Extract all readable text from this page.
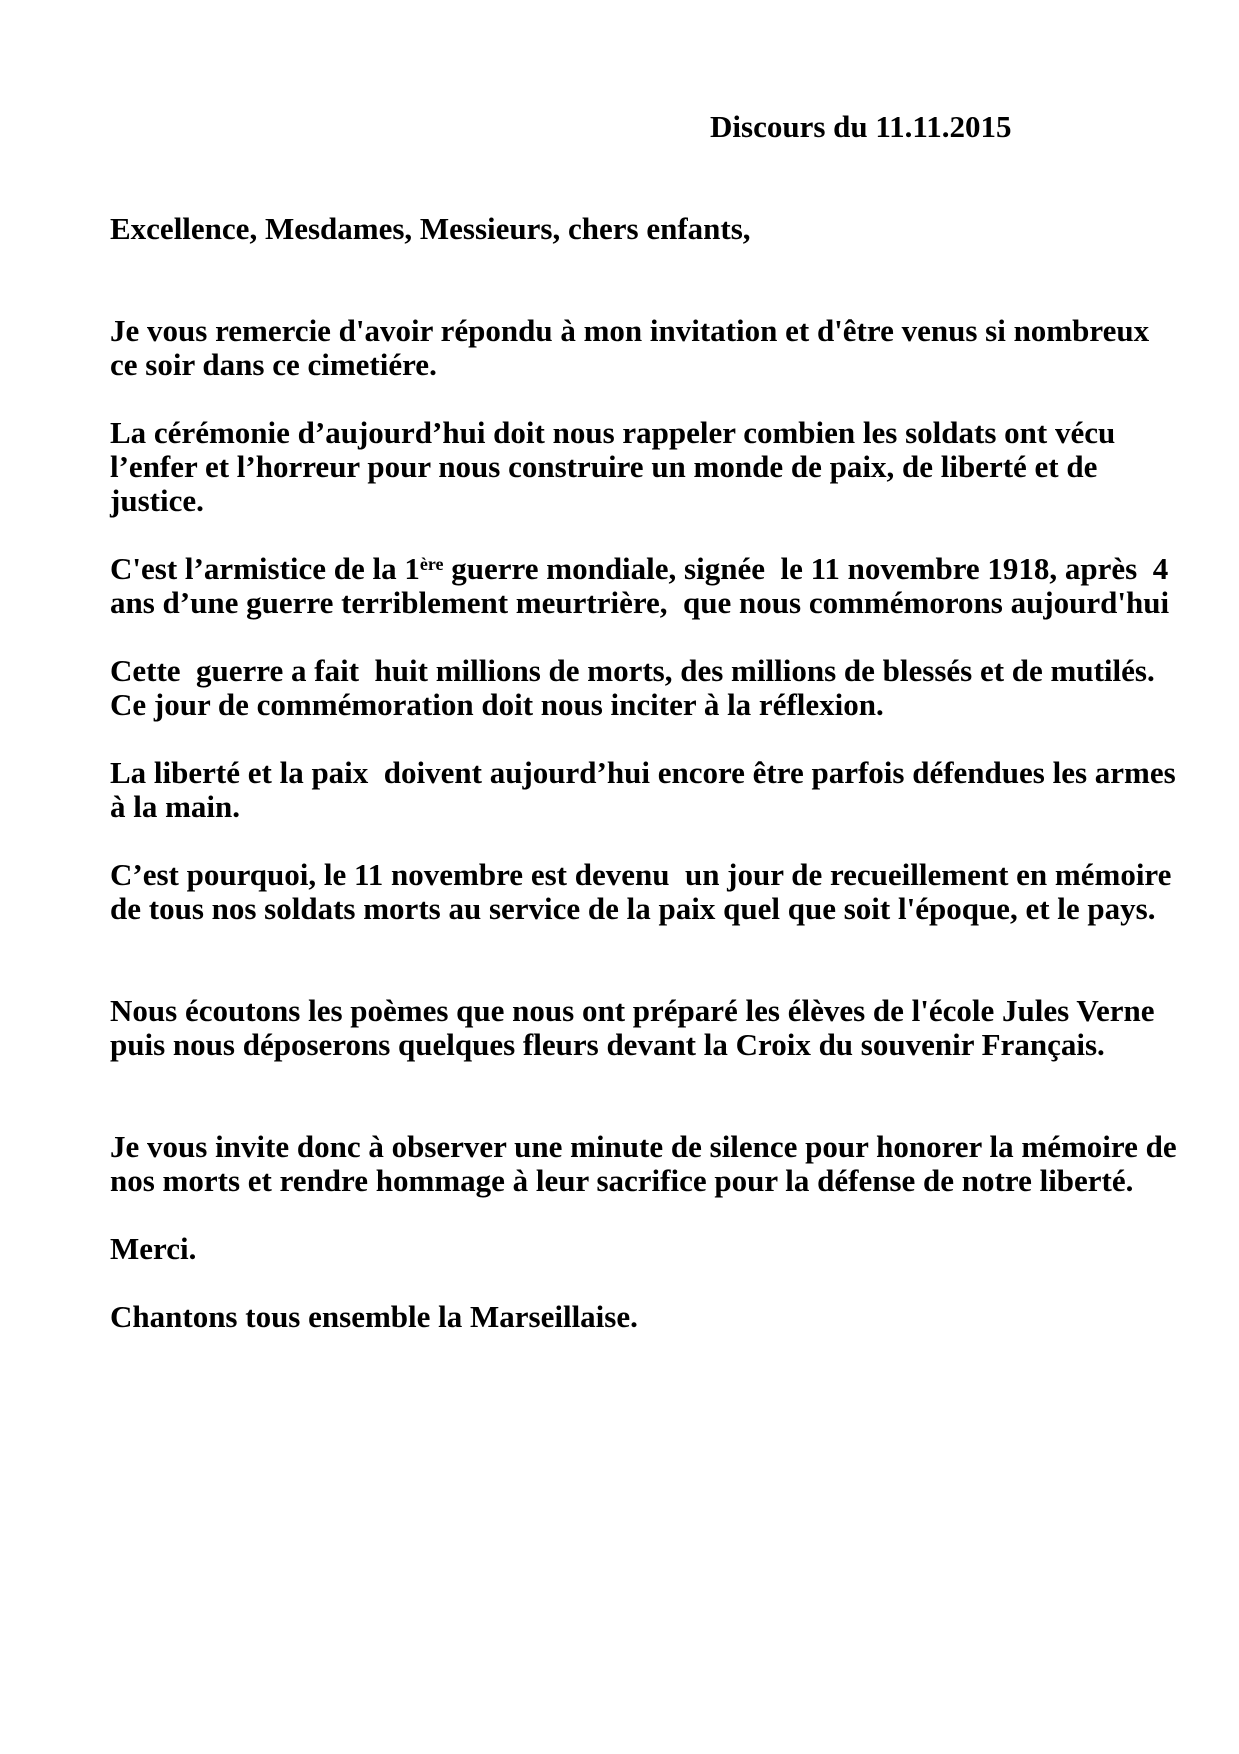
Discours du 11.11.2015
Excellence, Mesdames, Messieurs, chers enfants,
Je vous remercie d'avoir répondu à mon invitation et d'être venus si nombreux
ce soir dans ce cimetiére.
La cérémonie d’aujourd’hui doit nous rappeler combien les soldats ont vécu
l’enfer et l’horreur pour nous construire un monde de paix, de liberté et de
justice.
C'est l’armistice de la 1ère guerre mondiale, signée  le 11 novembre 1918, après  4
ans d’une guerre terriblement meurtrière,  que nous commémorons aujourd'hui
Cette  guerre a fait  huit millions de morts, des millions de blessés et de mutilés.
Ce jour de commémoration doit nous inciter à la réflexion.
La liberté et la paix  doivent aujourd’hui encore être parfois défendues les armes
à la main.
C’est pourquoi, le 11 novembre est devenu  un jour de recueillement en mémoire
de tous nos soldats morts au service de la paix quel que soit l'époque, et le pays.
Nous écoutons les poèmes que nous ont préparé les élèves de l'école Jules Verne
puis nous déposerons quelques fleurs devant la Croix du souvenir Français.
Je vous invite donc à observer une minute de silence pour honorer la mémoire de
nos morts et rendre hommage à leur sacrifice pour la défense de notre liberté.
Merci.
Chantons tous ensemble la Marseillaise.
